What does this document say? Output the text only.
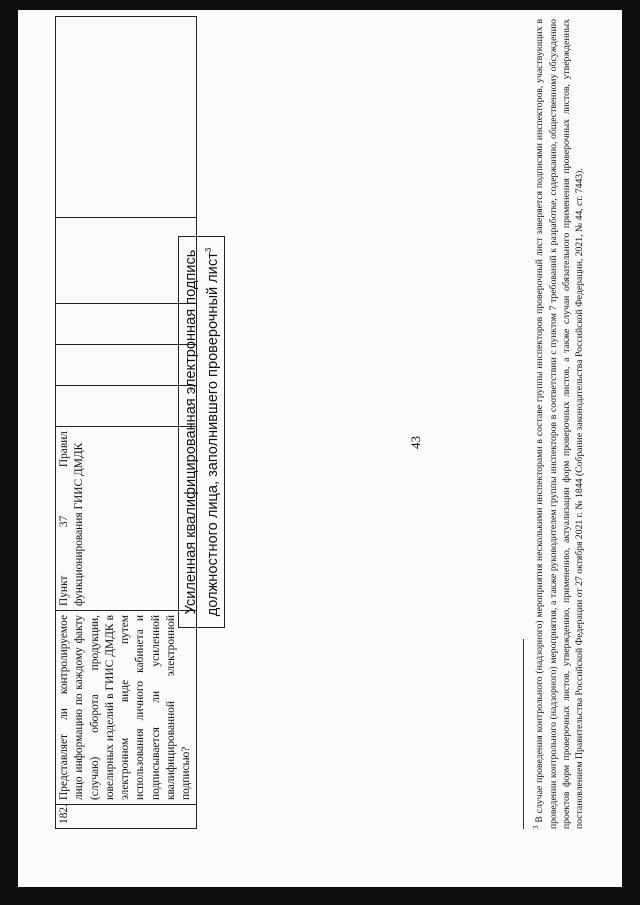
43
182.	Представляет ли контролируемое лицо информацию по каждому факту (случаю) оборота продукции, ювелирных изделий в ГИИС ДМДК в электронном виде путем использования личного кабинета и подписывается ли усиленной квалифицированной электронной подписью?	Пункт 37 Правил функционирования ГИИС ДМДК						Усиленная квалифицированная электронная подпись должностного лица, заполнившего проверочный лист$^3$
$^3$ В случае проведения контрольного (надзорного) мероприятия несколькими инспекторами в составе группы инспекторов проверочный лист заверяется подписями инспекторов, участвующих в проведении контрольного (надзорного) мероприятия, а также руководителем группы инспекторов в соответствии с пунктом 7 требований к разработке, содержанию, общественному обсуждению проектов форм проверочных листов, утверждению, применению, актуализации форм проверочных листов, а также случаи обязательного применения проверочных листов, утвержденных постановлением Правительства Российской Федерации от 27 октября 2021 г. № 1844 (Собрание законодательства Российской Федерации, 2021, № 44, ст. 7443).
